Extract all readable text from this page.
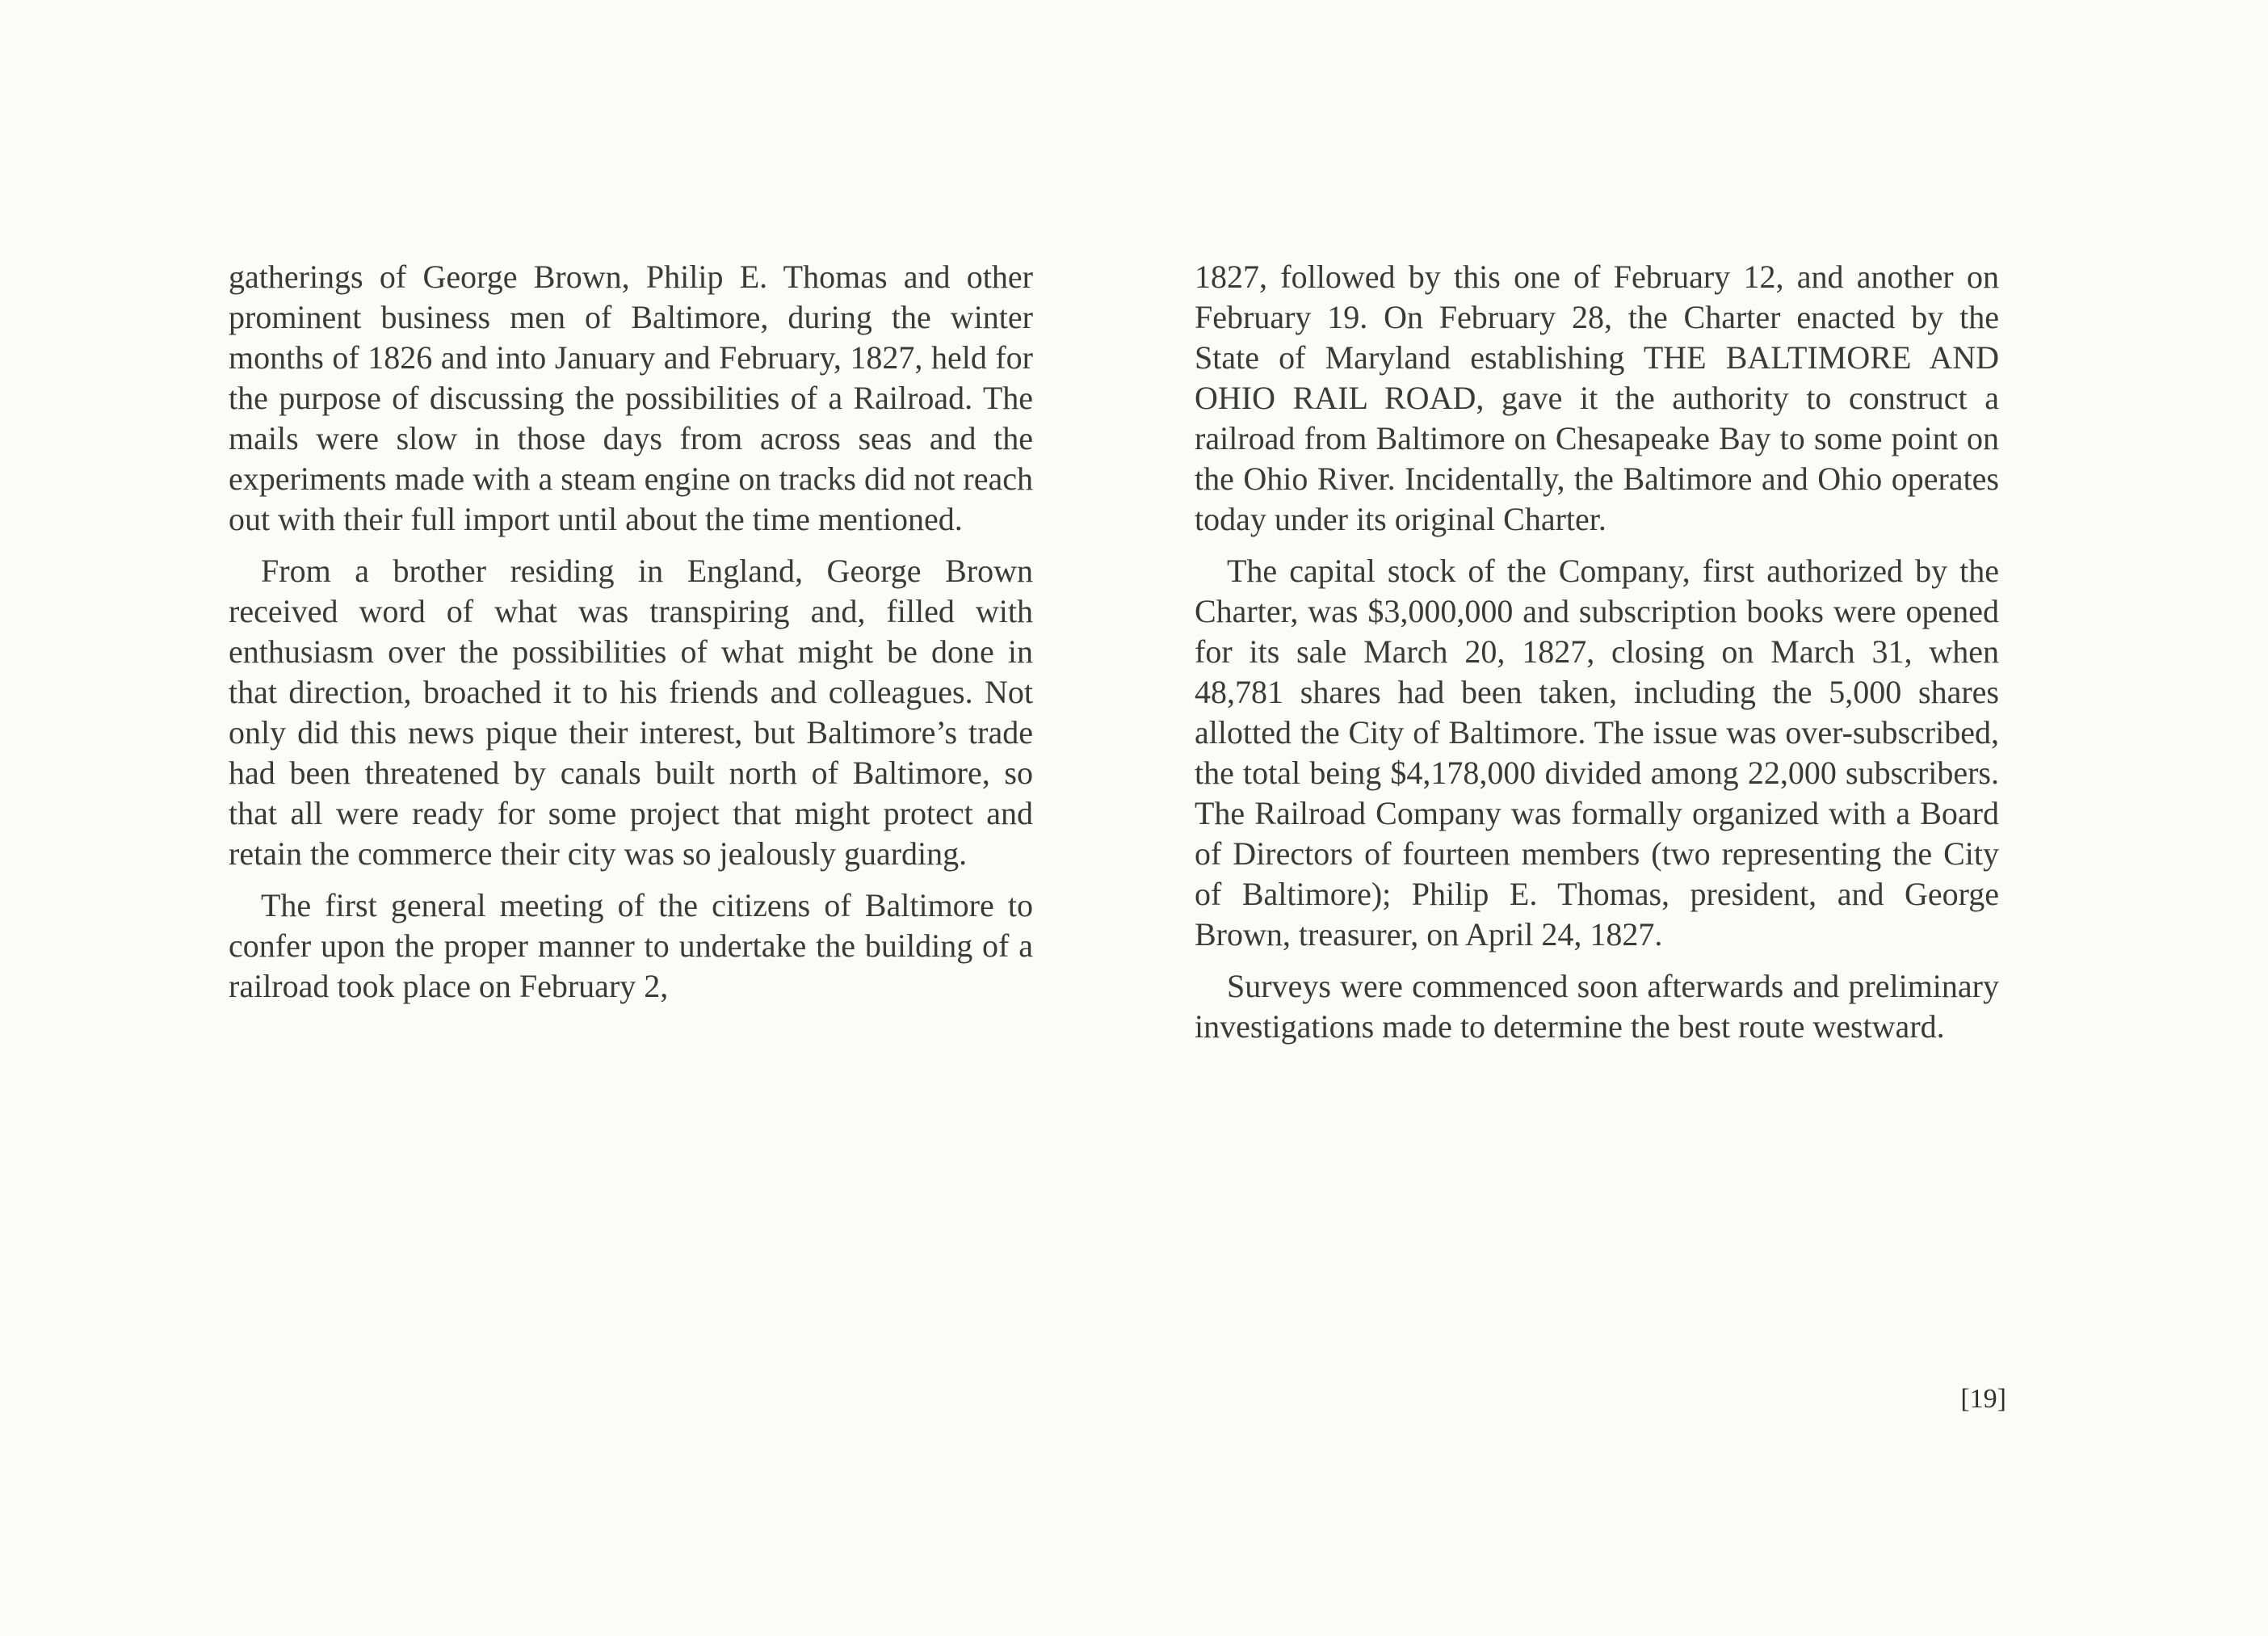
gatherings of George Brown, Philip E. Thomas and other prominent business men of Baltimore, during the winter months of 1826 and into January and February, 1827, held for the purpose of discussing the possibilities of a Railroad. The mails were slow in those days from across seas and the experiments made with a steam engine on tracks did not reach out with their full import until about the time mentioned.

From a brother residing in England, George Brown received word of what was transpiring and, filled with enthusiasm over the possibilities of what might be done in that direction, broached it to his friends and colleagues. Not only did this news pique their interest, but Baltimore’s trade had been threatened by canals built north of Baltimore, so that all were ready for some project that might protect and retain the commerce their city was so jealously guarding.

The first general meeting of the citizens of Baltimore to confer upon the proper manner to undertake the building of a railroad took place on February 2,

1827, followed by this one of February 12, and another on February 19. On February 28, the Charter enacted by the State of Maryland establishing THE BALTIMORE AND OHIO RAIL ROAD, gave it the authority to construct a railroad from Baltimore on Chesapeake Bay to some point on the Ohio River. Incidentally, the Baltimore and Ohio operates today under its original Charter.

The capital stock of the Company, first authorized by the Charter, was $3,000,000 and subscription books were opened for its sale March 20, 1827, closing on March 31, when 48,781 shares had been taken, including the 5,000 shares allotted the City of Baltimore. The issue was over-subscribed, the total being $4,178,000 divided among 22,000 subscribers. The Railroad Company was formally organized with a Board of Directors of fourteen members (two representing the City of Baltimore); Philip E. Thomas, president, and George Brown, treasurer, on April 24, 1827.

Surveys were commenced soon afterwards and preliminary investigations made to determine the best route westward.

[19]
